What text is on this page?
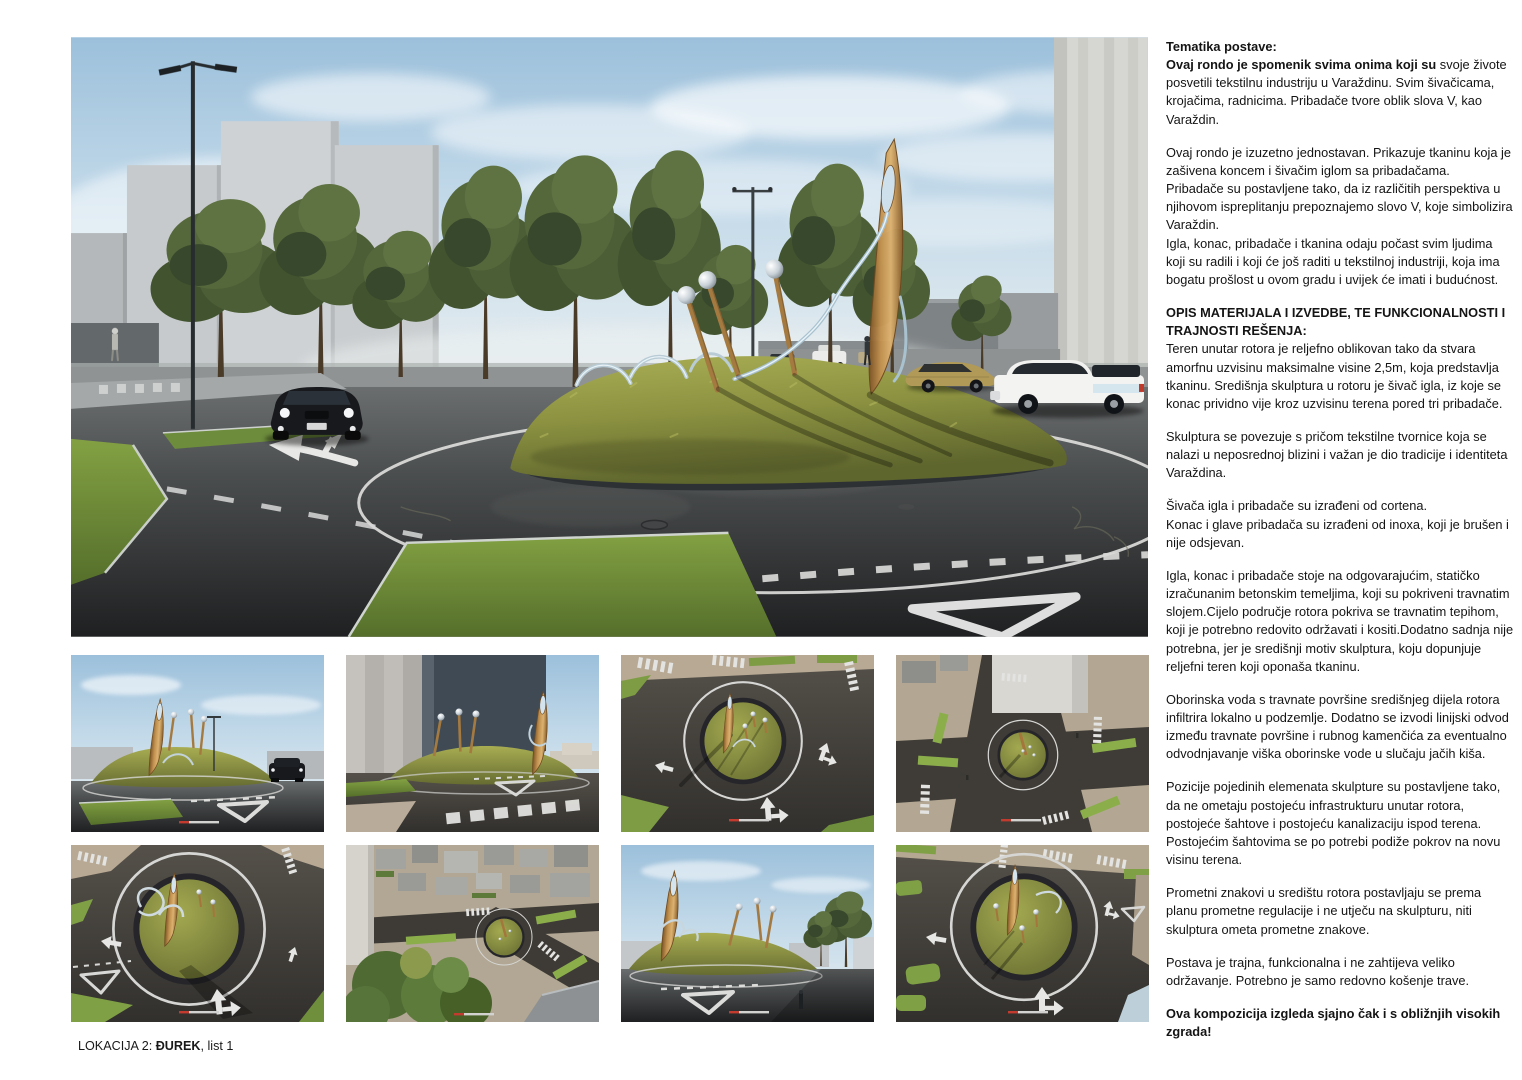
Tematika postave:

Ovaj rondo je spomenik svima onima koji su svoje živote posvetili tekstilnu industriju u Varaždinu. Svim šivačicama, krojačima, radnicima. Pribadače tvore oblik slova V, kao Varaždin.

Ovaj rondo je izuzetno jednostavan. Prikazuje tkaninu koja je zašivena koncem i šivačim iglom sa pribadačama.

Pribadače su postavljene tako, da iz različitih perspektiva u njihovom ispreplitanju prepoznajemo slovo V, koje simbolizira Varaždin.

Igla, konac, pribadače i tkanina odaju počast svim ljudima koji su radili i koji će još raditi u tekstilnoj industriji, koja ima bogatu prošlost u ovom gradu i uvijek će imati i budućnost.

OPIS MATERIJALA I IZVEDBE, TE FUNKCIONALNOSTI I TRAJNOSTI REŠENJA:

Teren unutar rotora je reljefno oblikovan tako da stvara amorfnu uzvisinu maksimalne visine 2,5m, koja predstavlja tkaninu. Središnja skulptura u rotoru je šivač igla, iz koje se konac prividno vije kroz uzvisinu terena pored tri pribadače.

Skulptura se povezuje s pričom tekstilne tvornice koja se nalazi u neposrednoj blizini i važan je dio tradicije i identiteta Varaždina.

Šivača igla i pribadače su izrađeni od cortena.

Konac i glave pribadača su izrađeni od inoxa, koji je brušen i nije odsjevan.

Igla, konac i pribadače stoje na odgovarajućim, statičko izračunanim betonskim temeljima, koji su pokriveni travnatim slojem.Cijelo područje rotora pokriva se travnatim tepihom, koji je potrebno redovito održavati i kositi.Dodatno sadnja nije potrebna, jer je središnji motiv skulptura, koju dopunjuje reljefni teren koji oponaša tkaninu.

Oborinska voda s travnate površine središnjeg dijela rotora infiltrira lokalno u podzemlje. Dodatno se izvodi linijski odvod između travnate površine i rubnog kamenčića za eventualno odvodnjavanje viška oborinske vode u slučaju jačih kiša.

Pozicije pojedinih elemenata skulpture su postavljene tako, da ne ometaju postojeću infrastrukturu unutar rotora, postojeće šahtove i postojeću kanalizaciju ispod terena. Postojećim šahtovima se po potrebi podiže pokrov na novu visinu terena.

Prometni znakovi u središtu rotora postavljaju se prema planu prometne regulacije i ne utječu na skulpturu, niti skulptura ometa prometne znakove.

Postava je trajna, funkcionalna i ne zahtijeva veliko održavanje. Potrebno je samo redovno košenje trave.

Ova kompozicija izgleda sjajno čak i s obližnjih visokih zgrada!

LOKACIJA 2: ĐUREK, list 1
